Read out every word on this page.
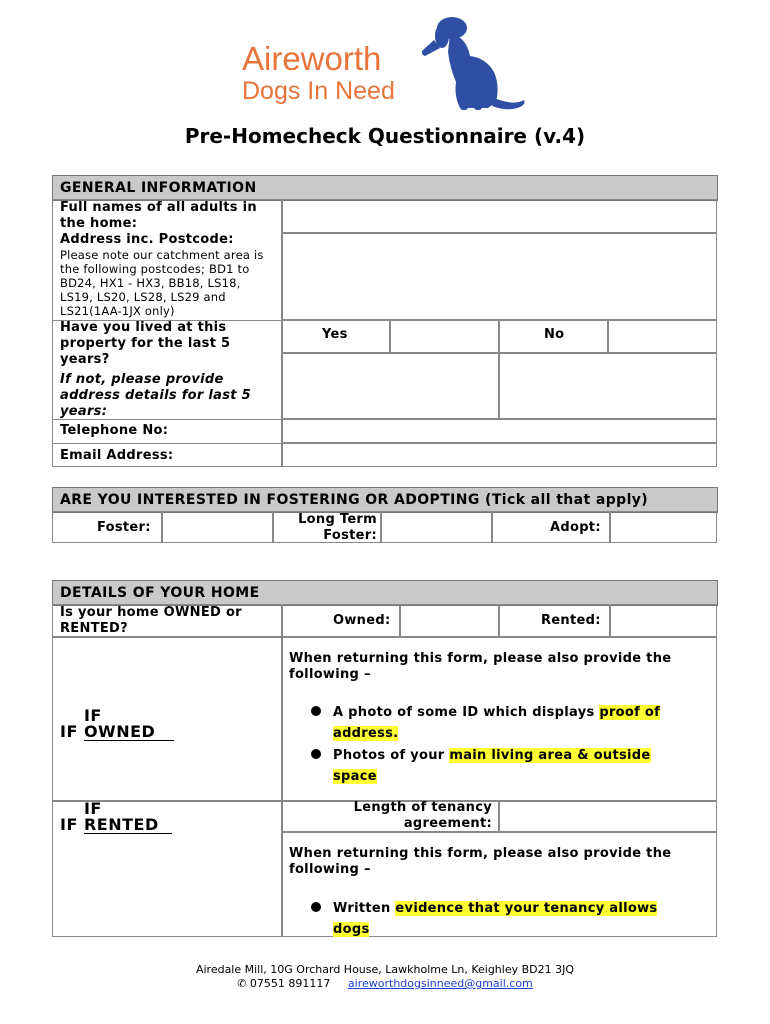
Aireworth
Dogs In Need
Pre-Homecheck Questionnaire (v.4)
GENERAL INFORMATION
Full names of all adults in the home:
Address inc. Postcode:
Please note our catchment area is the following postcodes; BD1 to BD24, HX1 - HX3, BB18, LS18, LS19, LS20, LS28, LS29 and LS21(1AA-1JX only)
Have you lived at this property for the last 5 years?
If not, please provide address details for last 5 years:
Yes	No
Telephone No:
Email Address:
ARE YOU INTERESTED IN FOSTERING OR ADOPTING (Tick all that apply)
Foster:
Long Term Foster:
Adopt:
DETAILS OF YOUR HOME
Is your home OWNED or RENTED?
Owned:	Rented:
IF IF OWNED
When returning this form, please also provide the following –
A photo of some ID which displays proof of
address.
Photos of your main living area & outside
space
IF IF RENTED
Length of tenancy agreement:
When returning this form, please also provide the following –
Written evidence that your tenancy allows
dogs
Airedale Mill, 10G Orchard House, Lawkholme Ln, Keighley BD21 3JQ
✆ 07551 891117 aireworthdogsinneed@gmail.com
